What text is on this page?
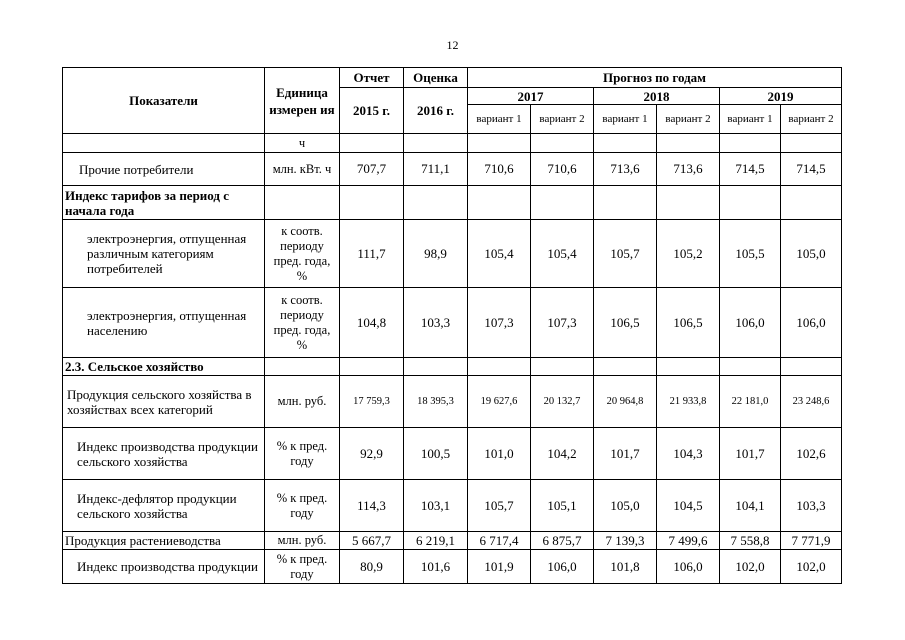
12
Показатели	Единица измерен ия	Отчет	Оценка	Прогноз по годам					
		2015 г.	2016 г.	2017		2018		2019	
				вариант 1	вариант 2	вариант 1	вариант 2	вариант 1	вариант 2
	ч								
Прочие потребители	млн. кВт. ч	707,7	711,1	710,6	710,6	713,6	713,6	714,5	714,5
Индекс тарифов за период с начала года									
электроэнергия, отпущенная различным категориям потребителей	к соотв. периоду пред. года, %	111,7	98,9	105,4	105,4	105,7	105,2	105,5	105,0
электроэнергия, отпущенная населению	к соотв. периоду пред. года, %	104,8	103,3	107,3	107,3	106,5	106,5	106,0	106,0
2.3. Сельское хозяйство									
Продукция сельского хозяйства в хозяйствах всех категорий	млн. руб.	17 759,3	18 395,3	19 627,6	20 132,7	20 964,8	21 933,8	22 181,0	23 248,6
Индекс производства продукции сельского хозяйства	% к пред. году	92,9	100,5	101,0	104,2	101,7	104,3	101,7	102,6
Индекс-дефлятор продукции сельского хозяйства	% к пред. году	114,3	103,1	105,7	105,1	105,0	104,5	104,1	103,3
Продукция растениеводства	млн. руб.	5 667,7	6 219,1	6 717,4	6 875,7	7 139,3	7 499,6	7 558,8	7 771,9
Индекс производства продукции	% к пред. году	80,9	101,6	101,9	106,0	101,8	106,0	102,0	102,0
